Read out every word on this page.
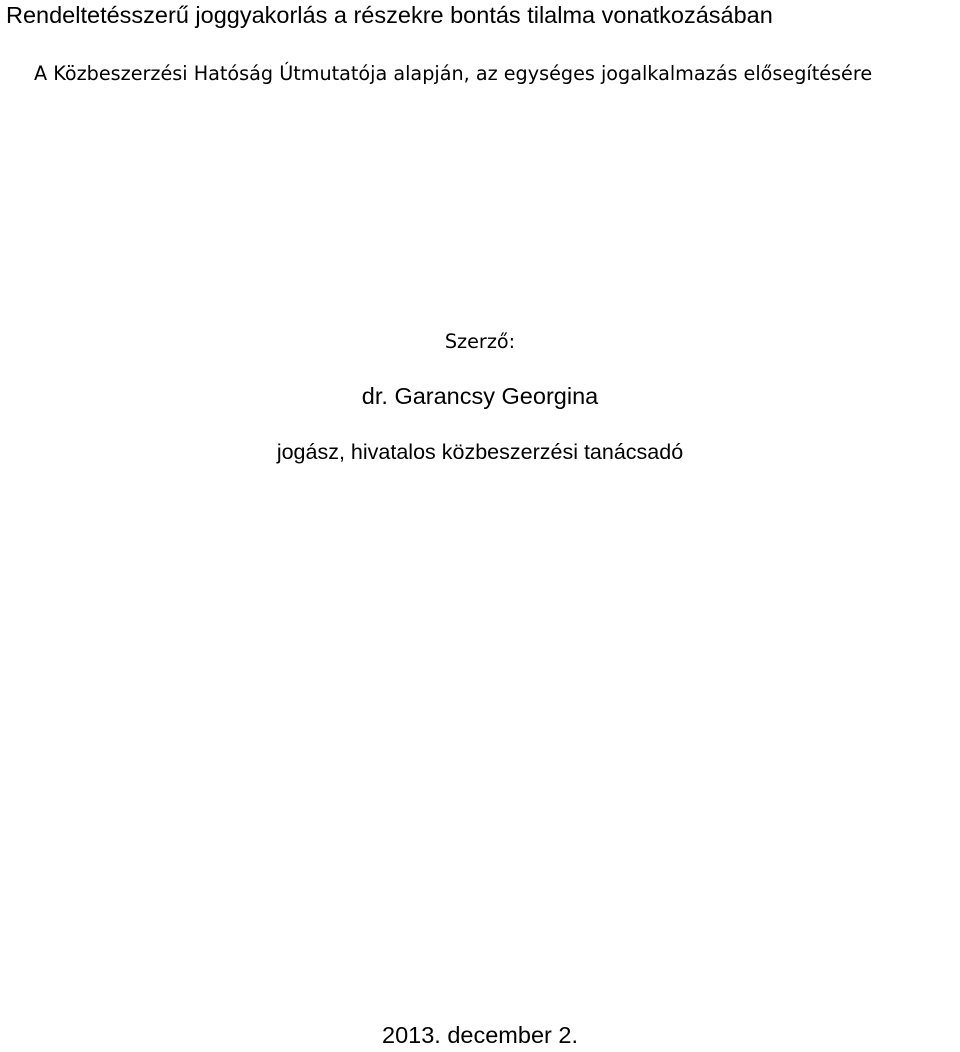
Rendeltetésszerű joggyakorlás a részekre bontás tilalma vonatkozásában

A Közbeszerzési Hatóság Útmutatója alapján, az egységes jogalkalmazás elősegítésére

Szerző:
dr. Garancsy Georgina
jogász, hivatalos közbeszerzési tanácsadó
2013. december 2.
